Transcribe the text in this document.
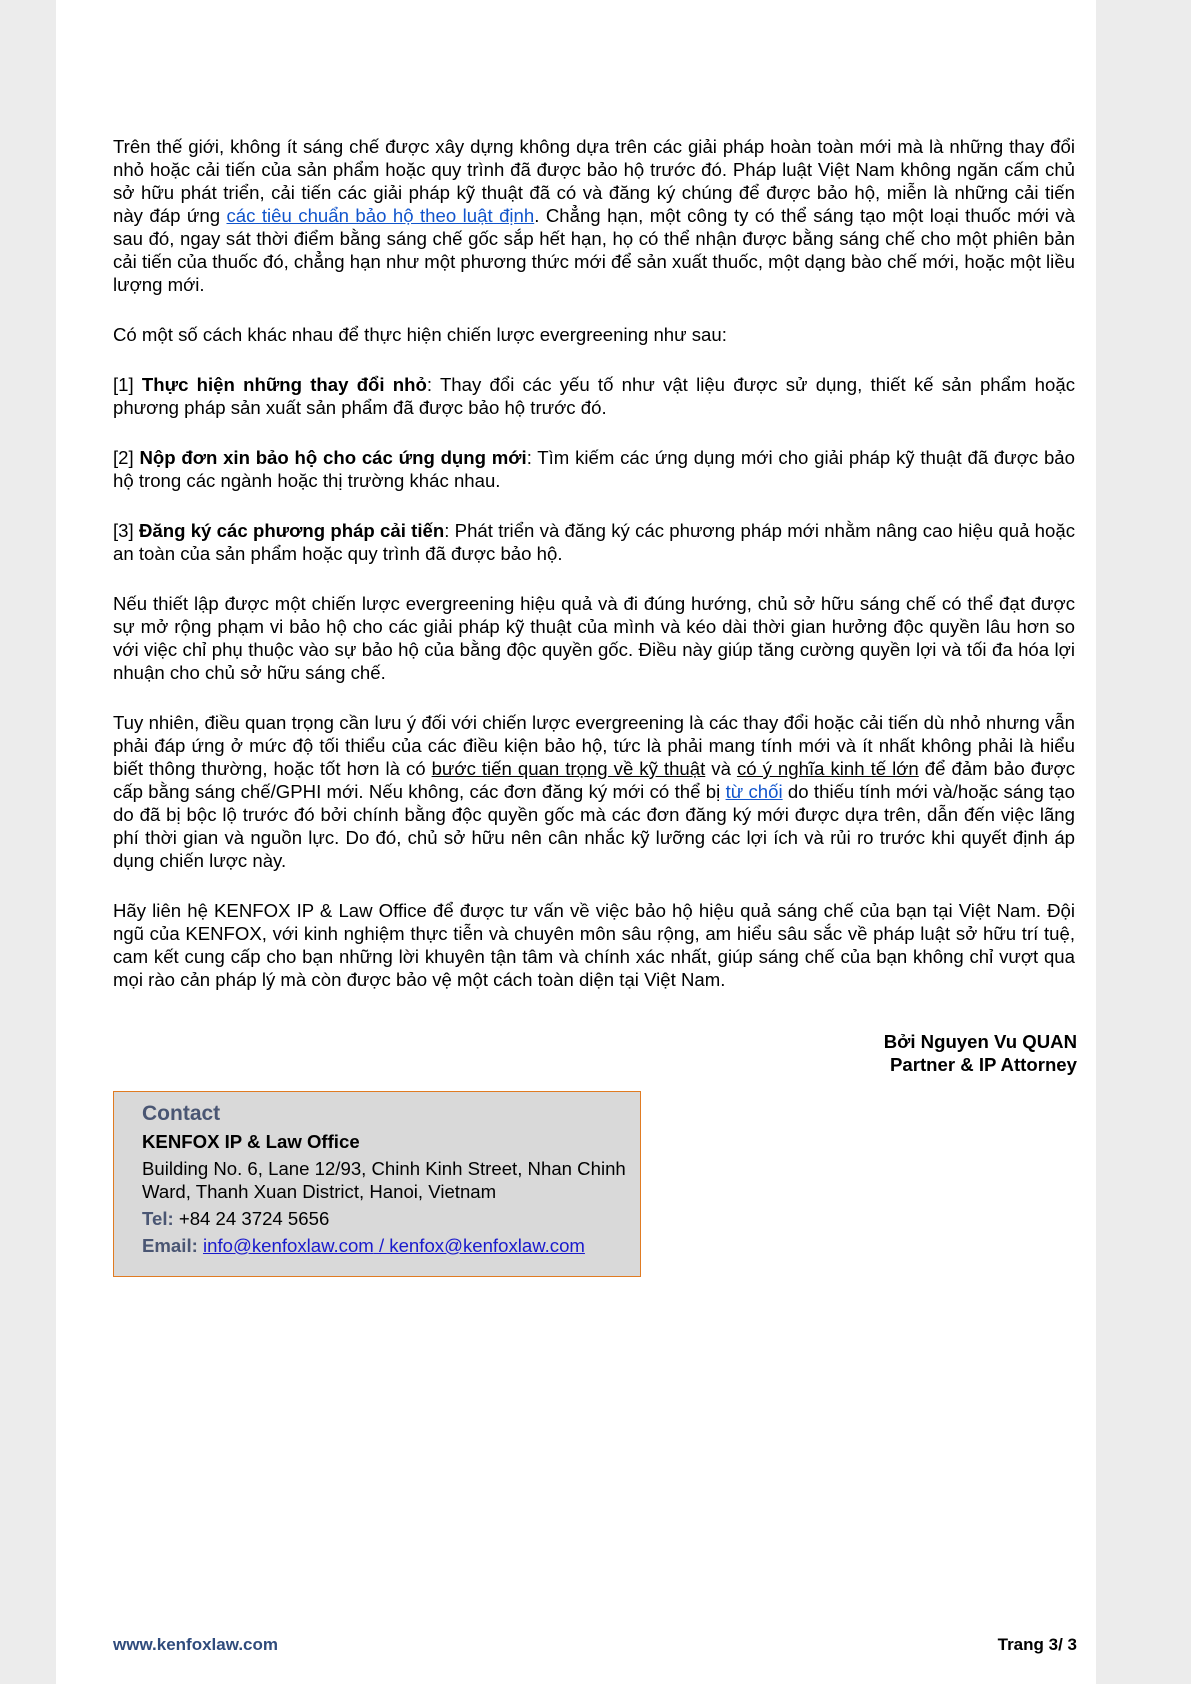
Trên thế giới, không ít sáng chế được xây dựng không dựa trên các giải pháp hoàn toàn mới mà là những thay đổi nhỏ hoặc cải tiến của sản phẩm hoặc quy trình đã được bảo hộ trước đó. Pháp luật Việt Nam không ngăn cấm chủ sở hữu phát triển, cải tiến các giải pháp kỹ thuật đã có và đăng ký chúng để được bảo hộ, miễn là những cải tiến này đáp ứng các tiêu chuẩn bảo hộ theo luật định. Chẳng hạn, một công ty có thể sáng tạo một loại thuốc mới và sau đó, ngay sát thời điểm bằng sáng chế gốc sắp hết hạn, họ có thể nhận được bằng sáng chế cho một phiên bản cải tiến của thuốc đó, chẳng hạn như một phương thức mới để sản xuất thuốc, một dạng bào chế mới, hoặc một liều lượng mới.

Có một số cách khác nhau để thực hiện chiến lược evergreening như sau:

[1] Thực hiện những thay đổi nhỏ: Thay đổi các yếu tố như vật liệu được sử dụng, thiết kế sản phẩm hoặc phương pháp sản xuất sản phẩm đã được bảo hộ trước đó.

[2] Nộp đơn xin bảo hộ cho các ứng dụng mới: Tìm kiếm các ứng dụng mới cho giải pháp kỹ thuật đã được bảo hộ trong các ngành hoặc thị trường khác nhau.

[3] Đăng ký các phương pháp cải tiến: Phát triển và đăng ký các phương pháp mới nhằm nâng cao hiệu quả hoặc an toàn của sản phẩm hoặc quy trình đã được bảo hộ.

Nếu thiết lập được một chiến lược evergreening hiệu quả và đi đúng hướng, chủ sở hữu sáng chế có thể đạt được sự mở rộng phạm vi bảo hộ cho các giải pháp kỹ thuật của mình và kéo dài thời gian hưởng độc quyền lâu hơn so với việc chỉ phụ thuộc vào sự bảo hộ của bằng độc quyền gốc. Điều này giúp tăng cường quyền lợi và tối đa hóa lợi nhuận cho chủ sở hữu sáng chế.

Tuy nhiên, điều quan trọng cần lưu ý đối với chiến lược evergreening là các thay đổi hoặc cải tiến dù nhỏ nhưng vẫn phải đáp ứng ở mức độ tối thiểu của các điều kiện bảo hộ, tức là phải mang tính mới và ít nhất không phải là hiểu biết thông thường, hoặc tốt hơn là có bước tiến quan trọng về kỹ thuật và có ý nghĩa kinh tế lớn để đảm bảo được cấp bằng sáng chế/GPHI mới. Nếu không, các đơn đăng ký mới có thể bị từ chối do thiếu tính mới và/hoặc sáng tạo do đã bị bộc lộ trước đó bởi chính bằng độc quyền gốc mà các đơn đăng ký mới được dựa trên, dẫn đến việc lãng phí thời gian và nguồn lực. Do đó, chủ sở hữu nên cân nhắc kỹ lưỡng các lợi ích và rủi ro trước khi quyết định áp dụng chiến lược này.

Hãy liên hệ KENFOX IP & Law Office để được tư vấn về việc bảo hộ hiệu quả sáng chế của bạn tại Việt Nam. Đội ngũ của KENFOX, với kinh nghiệm thực tiễn và chuyên môn sâu rộng, am hiểu sâu sắc về pháp luật sở hữu trí tuệ, cam kết cung cấp cho bạn những lời khuyên tận tâm và chính xác nhất, giúp sáng chế của bạn không chỉ vượt qua mọi rào cản pháp lý mà còn được bảo vệ một cách toàn diện tại Việt Nam.

Bởi Nguyen Vu QUAN
Partner & IP Attorney
Contact
KENFOX IP & Law Office
Building No. 6, Lane 12/93, Chinh Kinh Street, Nhan Chinh Ward, Thanh Xuan District, Hanoi, Vietnam
Tel: +84 24 3724 5656
Email: info@kenfoxlaw.com / kenfox@kenfoxlaw.com
www.kenfoxlaw.com	Trang 3/ 3
